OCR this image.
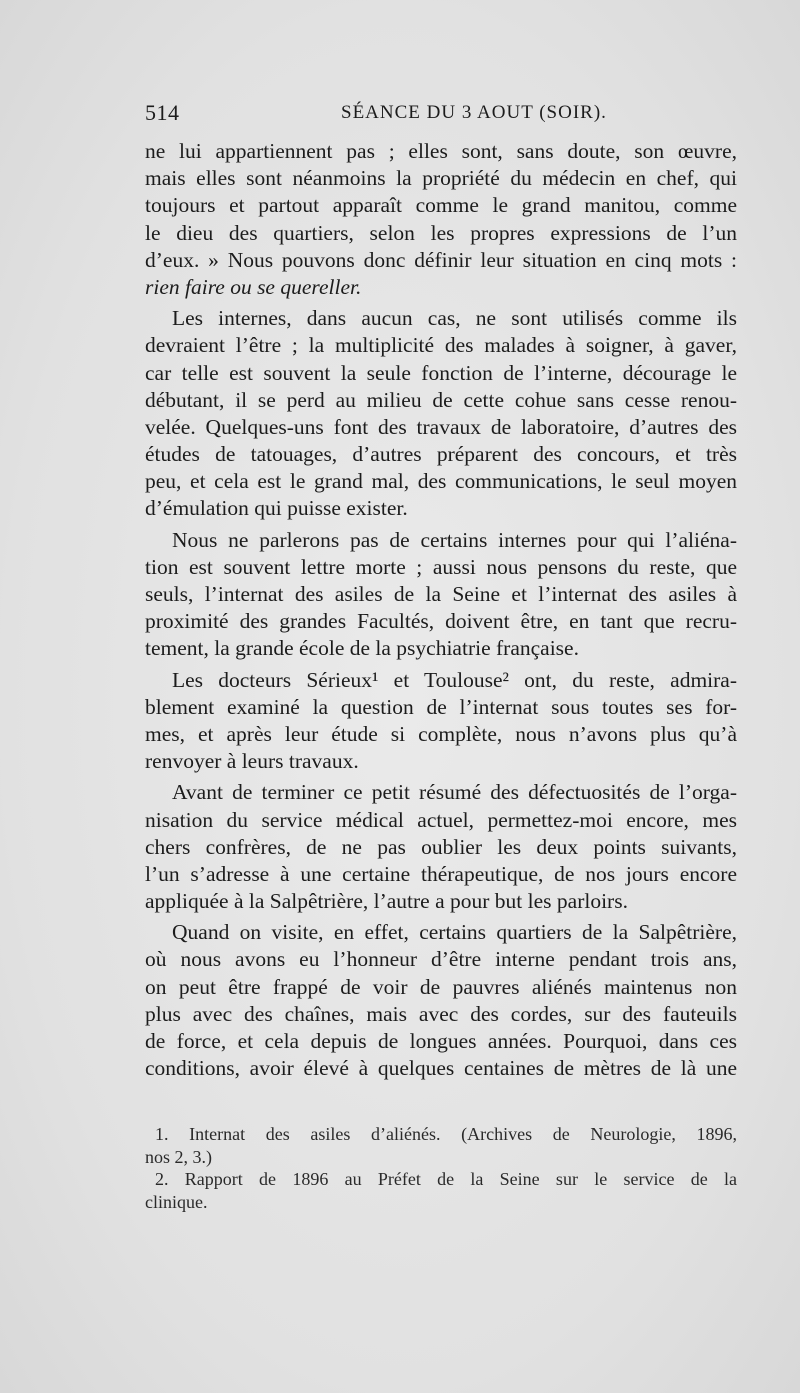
514	SÉANCE DU 3 AOUT (SOIR).
ne lui appartiennent pas ; elles sont, sans doute, son œuvre,
mais elles sont néanmoins la propriété du médecin en chef, qui
toujours et partout apparaît comme le grand manitou, comme
le dieu des quartiers, selon les propres expressions de l’un
d’eux. » Nous pouvons donc définir leur situation en cinq mots :
rien faire ou se quereller.
Les internes, dans aucun cas, ne sont utilisés comme ils
devraient l’être ; la multiplicité des malades à soigner, à gaver,
car telle est souvent la seule fonction de l’interne, décourage le
débutant, il se perd au milieu de cette cohue sans cesse renou-
velée. Quelques-uns font des travaux de laboratoire, d’autres des
études de tatouages, d’autres préparent des concours, et très
peu, et cela est le grand mal, des communications, le seul moyen
d’émulation qui puisse exister.
Nous ne parlerons pas de certains internes pour qui l’aliéna-
tion est souvent lettre morte ; aussi nous pensons du reste, que
seuls, l’internat des asiles de la Seine et l’internat des asiles à
proximité des grandes Facultés, doivent être, en tant que recru-
tement, la grande école de la psychiatrie française.
Les docteurs Sérieux¹ et Toulouse² ont, du reste, admira-
blement examiné la question de l’internat sous toutes ses for-
mes, et après leur étude si complète, nous n’avons plus qu’à
renvoyer à leurs travaux.
Avant de terminer ce petit résumé des défectuosités de l’orga-
nisation du service médical actuel, permettez-moi encore, mes
chers confrères, de ne pas oublier les deux points suivants,
l’un s’adresse à une certaine thérapeutique, de nos jours encore
appliquée à la Salpêtrière, l’autre a pour but les parloirs.
Quand on visite, en effet, certains quartiers de la Salpêtrière,
où nous avons eu l’honneur d’être interne pendant trois ans,
on peut être frappé de voir de pauvres aliénés maintenus non
plus avec des chaînes, mais avec des cordes, sur des fauteuils
de force, et cela depuis de longues années. Pourquoi, dans ces
conditions, avoir élevé à quelques centaines de mètres de là une
1. Internat des asiles d’aliénés. (Archives de Neurologie, 1896,
nos 2, 3.)
2. Rapport de 1896 au Préfet de la Seine sur le service de la
clinique.
